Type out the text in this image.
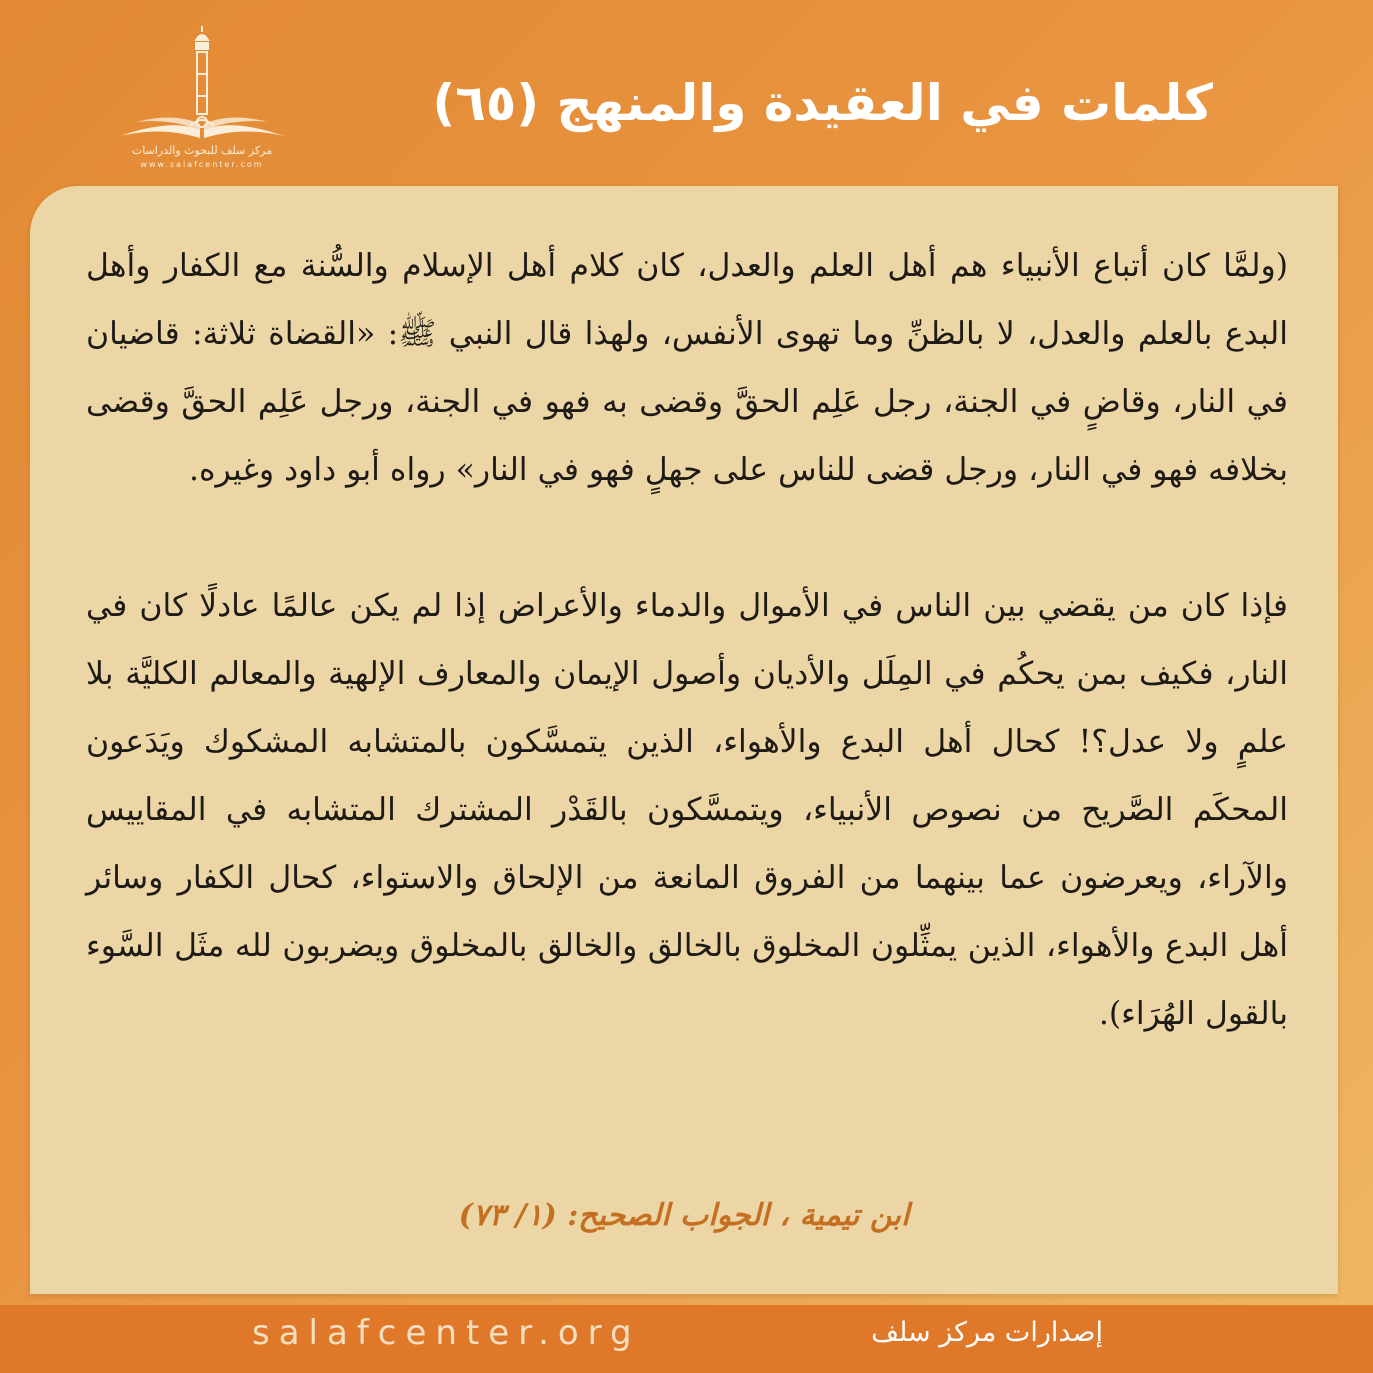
مركز سلف للبحوث والدراسات
www.salafcenter.com
كلمات في العقيدة والمنهج (٦٥)

(ولمَّا كان أتباع الأنبياء هم أهل العلم والعدل، كان كلام أهل الإسلام والسُّنة مع الكفار وأهل البدع بالعلم والعدل، لا بالظنِّ وما تهوى الأنفس، ولهذا قال النبي ﷺ: «القضاة ثلاثة: قاضيان في النار، وقاضٍ في الجنة، رجل عَلِم الحقَّ وقضى به فهو في الجنة، ورجل عَلِم الحقَّ وقضى بخلافه فهو في النار، ورجل قضى للناس على جهلٍ فهو في النار» رواه أبو داود وغيره.

فإذا كان من يقضي بين الناس في الأموال والدماء والأعراض إذا لم يكن عالمًا عادلًا كان في النار، فكيف بمن يحكُم في المِلَل والأديان وأصول الإيمان والمعارف الإلهية والمعالم الكليَّة بلا علمٍ ولا عدل؟! كحال أهل البدع والأهواء، الذين يتمسَّكون بالمتشابه المشكوك ويَدَعون المحكَم الصَّريح من نصوص الأنبياء، ويتمسَّكون بالقَدْر المشترك المتشابه في المقاييس والآراء، ويعرضون عما بينهما من الفروق المانعة من الإلحاق والاستواء، كحال الكفار وسائر أهل البدع والأهواء، الذين يمثِّلون المخلوق بالخالق والخالق بالمخلوق ويضربون لله مثَل السَّوء بالقول الهُرَاء).

ابن تيمية ، الجواب الصحيح: (١/ ٧٣)
salafcenter.org	إصدارات مركز سلف
